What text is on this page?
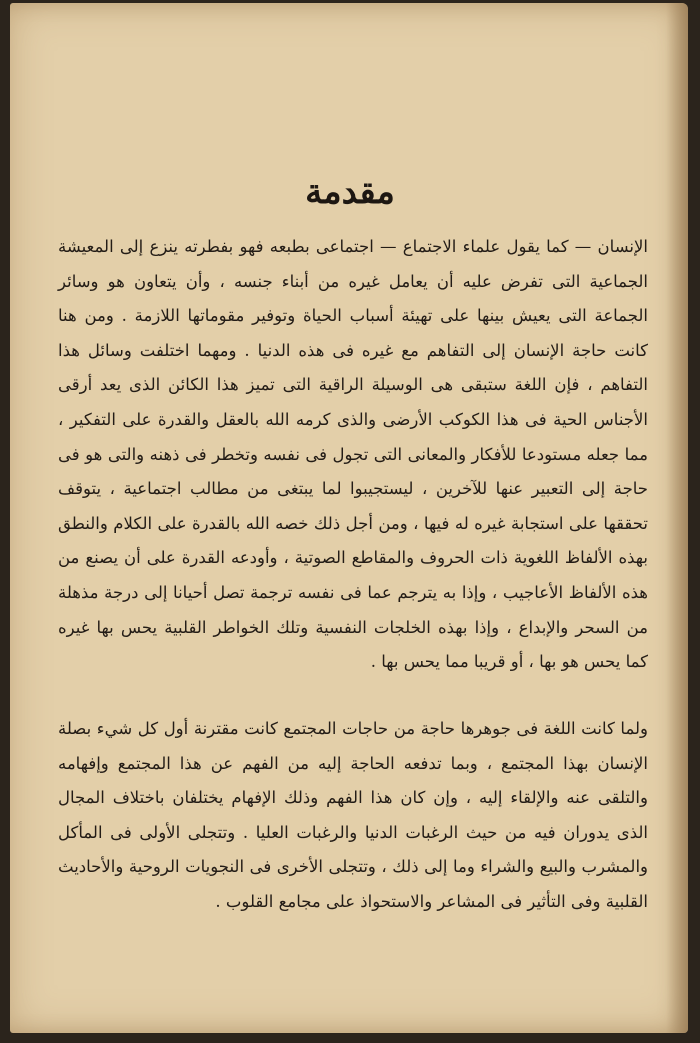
مقدمة

الإنسان — كما يقول علماء الاجتماع — اجتماعى بطبعه فهو بفطرته ينزع إلى المعيشة الجماعية التى تفرض عليه أن يعامل غيره من أبناء جنسه ، وأن يتعاون هو وسائر الجماعة التى يعيش بينها على تهيئة أسباب الحياة وتوفير مقوماتها اللازمة . ومن هنا كانت حاجة الإنسان إلى التفاهم مع غيره فى هذه الدنيا . ومهما اختلفت وسائل هذا التفاهم ، فإن اللغة ستبقى هى الوسيلة الراقية التى تميز هذا الكائن الذى يعد أرقى الأجناس الحية فى هذا الكوكب الأرضى والذى كرمه الله بالعقل والقدرة على التفكير ، مما جعله مستودعا للأفكار والمعانى التى تجول فى نفسه وتخطر فى ذهنه والتى هو فى حاجة إلى التعبير عنها للآخرين ، ليستجيبوا لما يبتغى من مطالب اجتماعية ، يتوقف تحققها على استجابة غيره له فيها ، ومن أجل ذلك خصه الله بالقدرة على الكلام والنطق بهذه الألفاظ اللغوية ذات الحروف والمقاطع الصوتية ، وأودعه القدرة على أن يصنع من هذه الألفاظ الأعاجيب ، وإذا به يترجم عما فى نفسه ترجمة تصل أحيانا إلى درجة مذهلة من السحر والإبداع ، وإذا بهذه الخلجات النفسية وتلك الخواطر القلبية يحس بها غيره كما يحس هو بها ، أو قريبا مما يحس بها .

ولما كانت اللغة فى جوهرها حاجة من حاجات المجتمع كانت مقترنة أول كل شيء بصلة الإنسان بهذا المجتمع ، وبما تدفعه الحاجة إليه من الفهم عن هذا المجتمع وإفهامه والتلقى عنه والإلقاء إليه ، وإن كان هذا الفهم وذلك الإفهام يختلفان باختلاف المجال الذى يدوران فيه من حيث الرغبات الدنيا والرغبات العليا . وتتجلى الأولى فى المأكل والمشرب والبيع والشراء وما إلى ذلك ، وتتجلى الأخرى فى النجويات الروحية والأحاديث القلبية وفى التأثير فى المشاعر والاستحواذ على مجامع القلوب .
